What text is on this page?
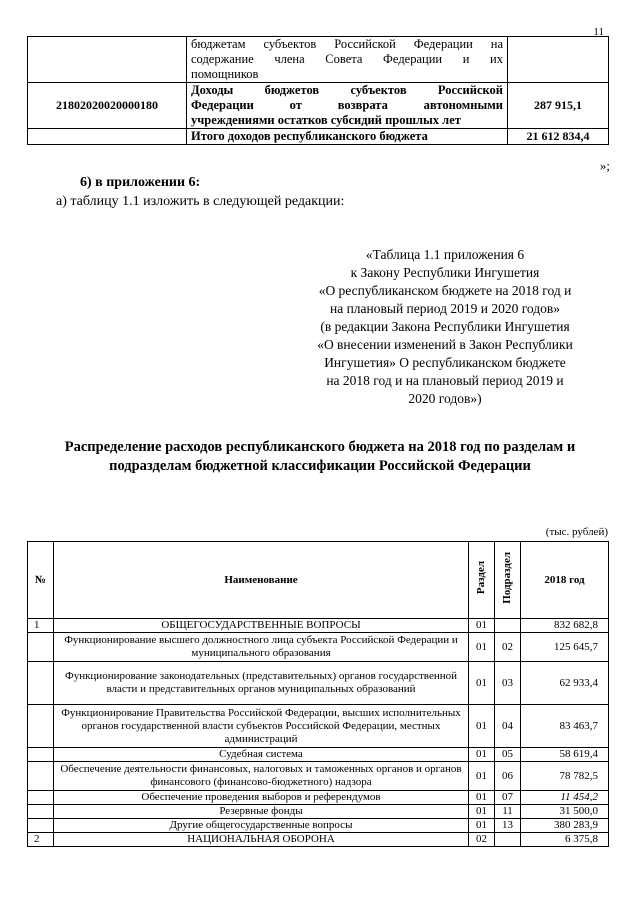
11

	бюджетам субъектов Российской Федерации на
содержание члена Совета Федерации и их
помощников	

21802020020000180	Доходы бюджетов субъектов Российской
Федерации от возврата автономными
учреждениями остатков субсидий прошлых лет	287 915,1

	Итого доходов республиканского бюджета	21 612 834,4
»;
6) в приложении 6:
а) таблицу 1.1 изложить в следующей редакции:
«Таблица 1.1 приложения 6
к Закону Республики Ингушетия
«О республиканском бюджете на 2018 год и
на плановый период 2019 и 2020 годов»
(в редакции Закона Республики Ингушетия
«О внесении изменений в Закон Республики
Ингушетия» О республиканском бюджете
на 2018 год и на плановый период 2019 и
2020 годов»)
Распределение расходов республиканского бюджета на 2018 год по разделам и
подразделам бюджетной классификации Российской Федерации
(тыс. рублей)
№	Наименование	Раздел	Подраздел	2018 год
1	ОБЩЕГОСУДАРСТВЕННЫЕ ВОПРОСЫ	01		832 682,8
	Функционирование высшего должностного лица субъекта Российской Федерации и муниципального образования	01	02	125 645,7
	Функционирование законодательных (представительных) органов государственной власти и представительных органов муниципальных образований	01	03	62 933,4
	Функционирование Правительства Российской Федерации, высших исполнительных органов государственной власти субъектов Российской Федерации, местных администраций	01	04	83 463,7
	Судебная система	01	05	58 619,4
	Обеспечение деятельности финансовых, налоговых и таможенных органов и органов финансового (финансово-бюджетного) надзора	01	06	78 782,5
	Обеспечение проведения выборов и референдумов	01	07	11 454,2
	Резервные фонды	01	11	31 500,0
	Другие общегосударственные вопросы	01	13	380 283,9
2	НАЦИОНАЛЬНАЯ ОБОРОНА	02		6 375,8
